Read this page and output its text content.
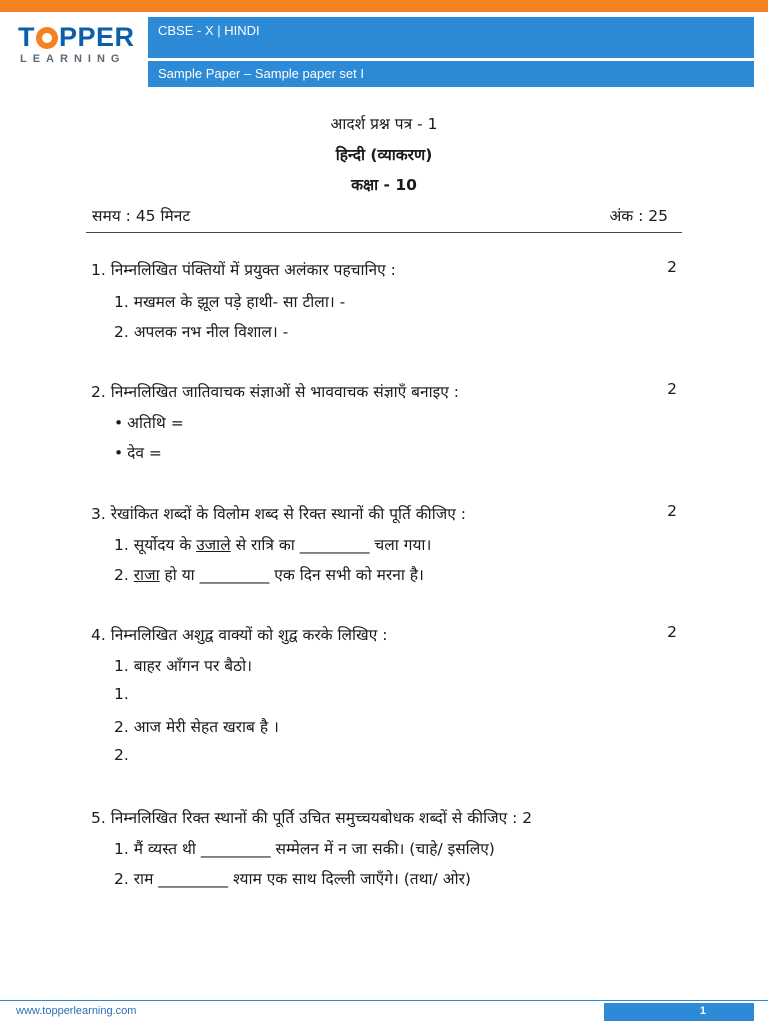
T PPER
LEARNING
CBSE - X | HINDI
Sample Paper – Sample paper set I
आदर्श प्रश्न पत्र - 1
हिन्दी (व्याकरण)
कक्षा - 10
समय : 45 मिनट	अंक : 25
1. निम्नलिखित पंक्तियों में प्रयुक्त अलंकार पहचानिए :	2
1. मखमल के झूल पड़े हाथी- सा टीला। -
2. अपलक नभ नील विशाल। -
2. निम्नलिखित जातिवाचक संज्ञाओं से भाववाचक संज्ञाएँ बनाइए :	2
• अतिथि =
• देव =
3. रेखांकित शब्दों के विलोम शब्द से रिक्त स्थानों की पूर्ति कीजिए :	2
1. सूर्योदय के उजाले से रात्रि का _________ चला गया।
2. राजा हो या _________ एक दिन सभी को मरना है।
4. निम्नलिखित अशुद्व वाक्यों को शुद्व करके लिखिए :	2
1. बाहर आँगन पर बैठो।
1.
2. आज मेरी सेहत खराब है ।
2.
5. निम्नलिखित रिक्त स्थानों की पूर्ति उचित समुच्चयबोधक शब्दों से कीजिए : 2
1. मैं व्यस्त थी _________ सम्मेलन में न जा सकी। (चाहे/ इसलिए)
2. राम _________ श्याम एक साथ दिल्ली जाएँगे। (तथा/ ओर)
www.topperlearning.com	1
